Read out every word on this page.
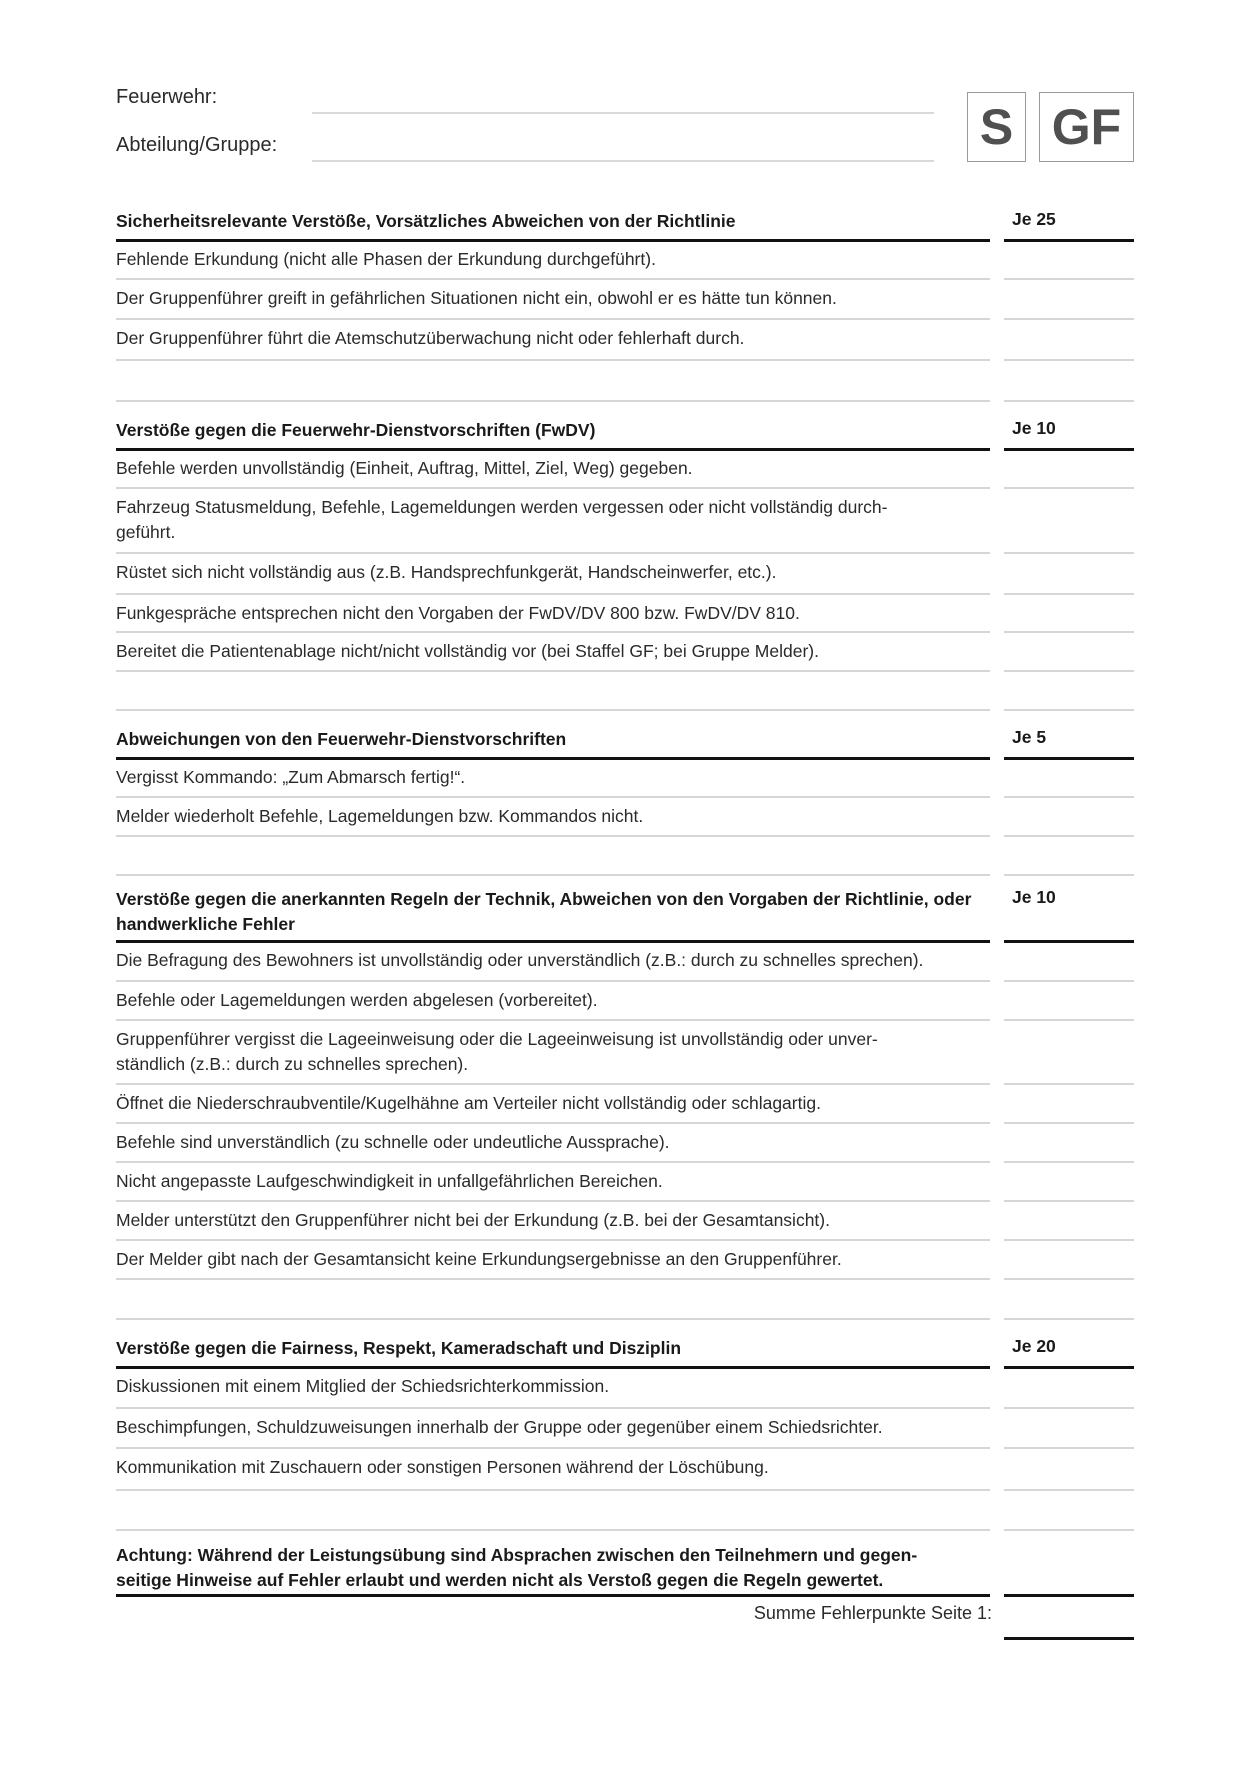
Feuerwehr:
Abteilung/Gruppe:	S GF
Sicherheitsrelevante Verstöße, Vorsätzliches Abweichen von der Richtlinie	Je 25
Fehlende Erkundung (nicht alle Phasen der Erkundung durchgeführt).
Der Gruppenführer greift in gefährlichen Situationen nicht ein, obwohl er es hätte tun können.
Der Gruppenführer führt die Atemschutzüberwachung nicht oder fehlerhaft durch.
Verstöße gegen die Feuerwehr-Dienstvorschriften (FwDV)	Je 10
Befehle werden unvollständig (Einheit, Auftrag, Mittel, Ziel, Weg) gegeben.
Fahrzeug Statusmeldung, Befehle, Lagemeldungen werden vergessen oder nicht vollständig durch-
geführt.
Rüstet sich nicht vollständig aus (z.B. Handsprechfunkgerät, Handscheinwerfer, etc.).
Funkgespräche entsprechen nicht den Vorgaben der FwDV/DV 800 bzw. FwDV/DV 810.
Bereitet die Patientenablage nicht/nicht vollständig vor (bei Staffel GF; bei Gruppe Melder).
Abweichungen von den Feuerwehr-Dienstvorschriften	Je 5
Vergisst Kommando: „Zum Abmarsch fertig!“.
Melder wiederholt Befehle, Lagemeldungen bzw. Kommandos nicht.
Verstöße gegen die anerkannten Regeln der Technik, Abweichen von den Vorgaben der Richtlinie, oder handwerkliche Fehler
Je 10
Die Befragung des Bewohners ist unvollständig oder unverständlich (z.B.: durch zu schnelles sprechen).
Befehle oder Lagemeldungen werden abgelesen (vorbereitet).
Gruppenführer vergisst die Lageeinweisung oder die Lageeinweisung ist unvollständig oder unver-
ständlich (z.B.: durch zu schnelles sprechen).
Öffnet die Niederschraubventile/Kugelhähne am Verteiler nicht vollständig oder schlagartig.
Befehle sind unverständlich (zu schnelle oder undeutliche Aussprache).
Nicht angepasste Laufgeschwindigkeit in unfallgefährlichen Bereichen.
Melder unterstützt den Gruppenführer nicht bei der Erkundung (z.B. bei der Gesamtansicht).
Der Melder gibt nach der Gesamtansicht keine Erkundungsergebnisse an den Gruppenführer.
Verstöße gegen die Fairness, Respekt, Kameradschaft und Disziplin	Je 20
Diskussionen mit einem Mitglied der Schiedsrichterkommission.
Beschimpfungen, Schuldzuweisungen innerhalb der Gruppe oder gegenüber einem Schiedsrichter.
Kommunikation mit Zuschauern oder sonstigen Personen während der Löschübung.
Achtung: Während der Leistungsübung sind Absprachen zwischen den Teilnehmern und gegen-
seitige Hinweise auf Fehler erlaubt und werden nicht als Verstoß gegen die Regeln gewertet.
Summe Fehlerpunkte Seite 1:
